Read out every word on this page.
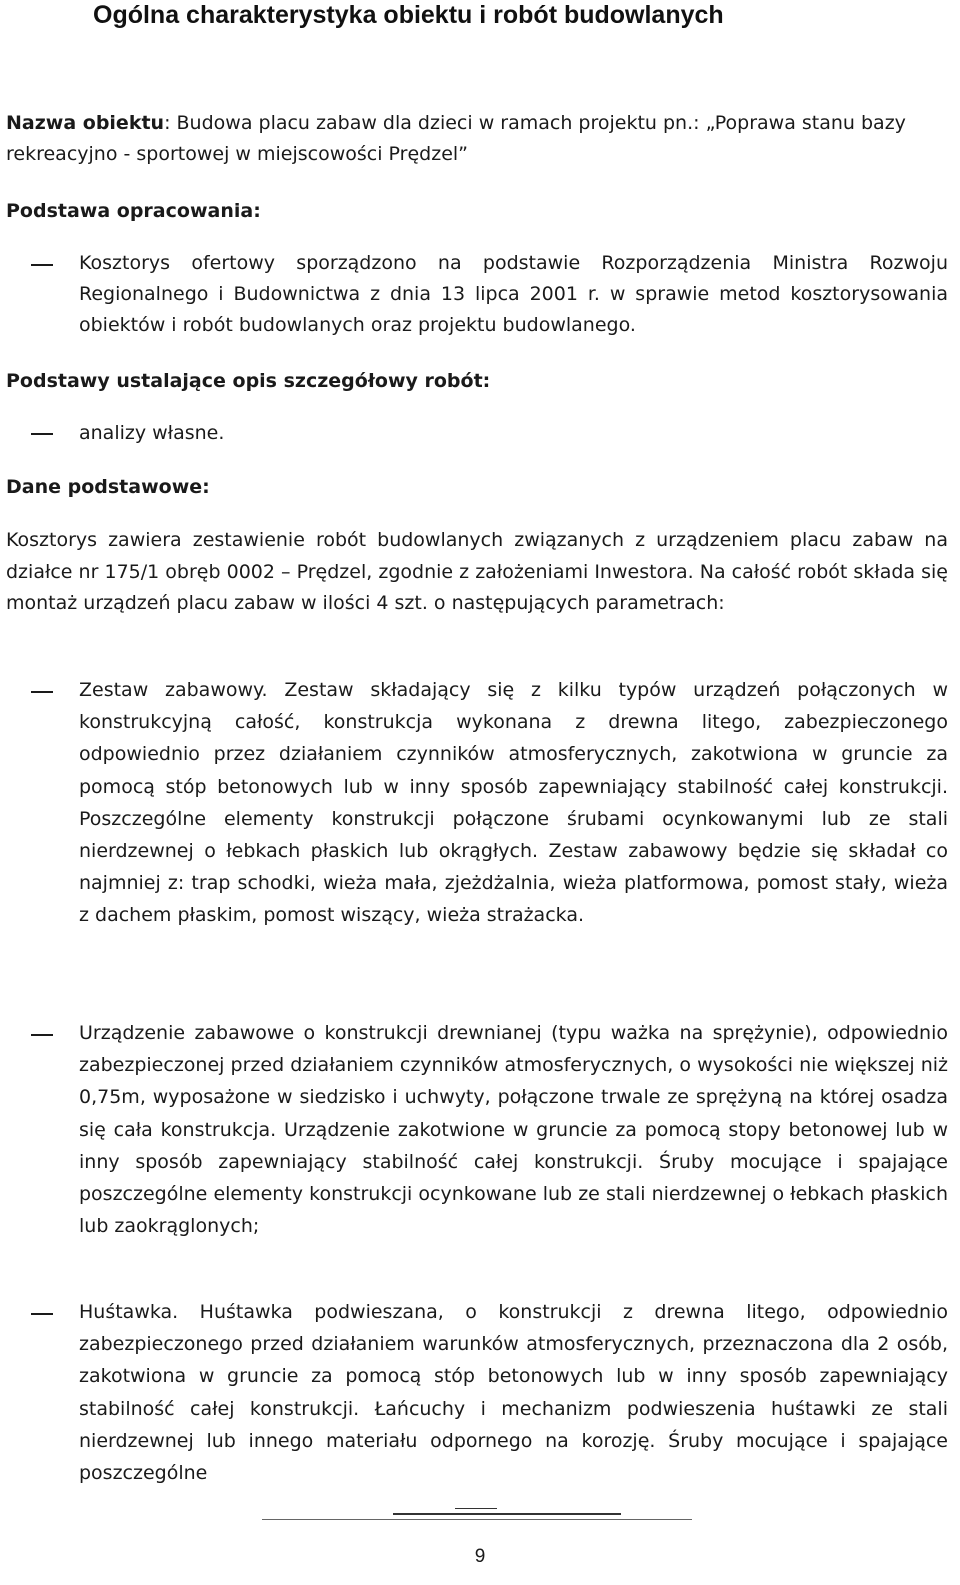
Ogólna charakterystyka obiektu i robót budowlanych
Nazwa obiektu: Budowa placu zabaw dla dzieci w ramach projektu pn.: „Poprawa stanu bazy rekreacyjno - sportowej w miejscowości Prędzel”
Podstawa opracowania:
Kosztorys ofertowy sporządzono na podstawie Rozporządzenia Ministra Rozwoju Regionalnego i Budownictwa z dnia 13 lipca 2001 r. w sprawie metod kosztorysowania obiektów i robót budowlanych oraz projektu budowlanego.
Podstawy ustalające opis szczegółowy robót:
analizy własne.
Dane podstawowe:
Kosztorys zawiera zestawienie robót budowlanych związanych z urządzeniem placu zabaw na działce nr 175/1 obręb 0002 – Prędzel, zgodnie z założeniami Inwestora. Na całość robót składa się montaż urządzeń placu zabaw w ilości 4 szt. o następujących parametrach:
Zestaw zabawowy. Zestaw składający się z kilku typów urządzeń połączonych w konstrukcyjną całość, konstrukcja wykonana z drewna litego, zabezpieczonego odpowiednio przez działaniem czynników atmosferycznych, zakotwiona w gruncie za pomocą stóp betonowych lub w inny sposób zapewniający stabilność całej konstrukcji. Poszczególne elementy konstrukcji połączone śrubami ocynkowanymi lub ze stali nierdzewnej o łebkach płaskich lub okrągłych. Zestaw zabawowy będzie się składał co najmniej z: trap schodki, wieża mała, zjeżdżalnia, wieża platformowa, pomost stały, wieża z dachem płaskim, pomost wiszący, wieża strażacka.
Urządzenie zabawowe o konstrukcji drewnianej (typu ważka na sprężynie), odpowiednio zabezpieczonej przed działaniem czynników atmosferycznych, o wysokości nie większej niż 0,75m, wyposażone w siedzisko i uchwyty, połączone trwale ze sprężyną na której osadza się cała konstrukcja. Urządzenie zakotwione w gruncie za pomocą stopy betonowej lub w inny sposób zapewniający stabilność całej konstrukcji. Śruby mocujące i spajające poszczególne elementy konstrukcji ocynkowane lub ze stali nierdzewnej o łebkach płaskich lub zaokrąglonych;
Huśtawka. Huśtawka podwieszana, o konstrukcji z drewna litego, odpowiednio zabezpieczonego przed działaniem warunków atmosferycznych, przeznaczona dla 2 osób, zakotwiona w gruncie za pomocą stóp betonowych lub w inny sposób zapewniający stabilność całej konstrukcji. Łańcuchy i mechanizm podwieszenia huśtawki ze stali nierdzewnej lub innego materiału odpornego na korozję. Śruby mocujące i spajające poszczególne
9
